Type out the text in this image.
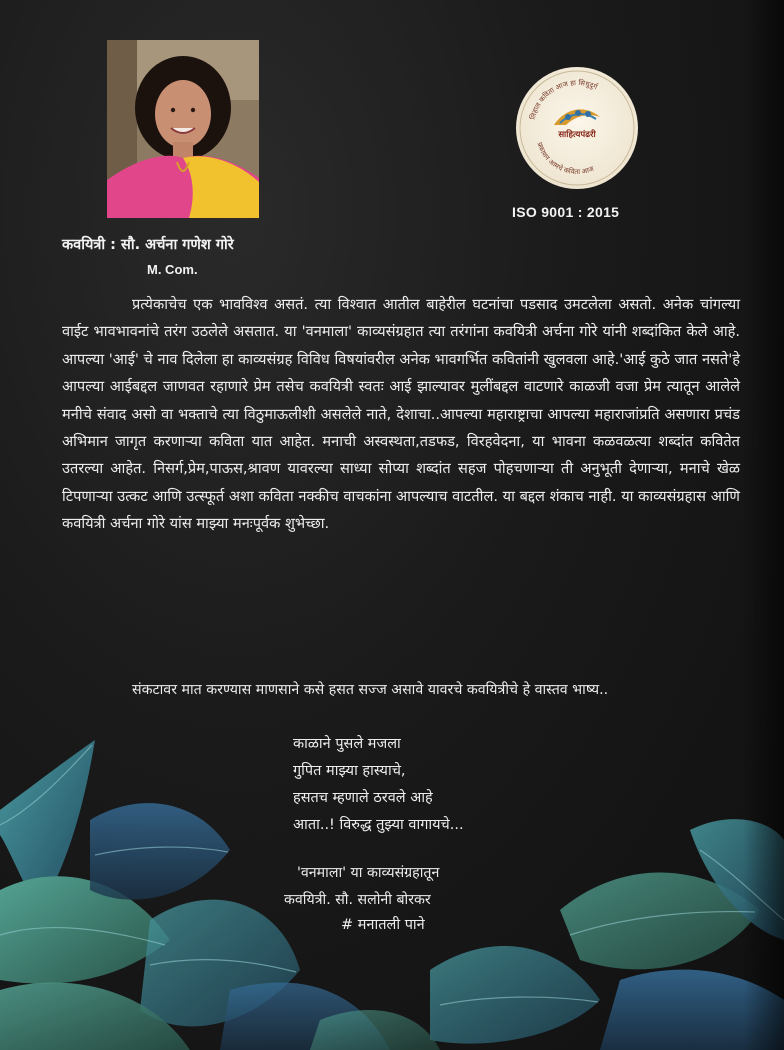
लिहाल कविता आज हा सिधुदुर्ग
प्रकाशन आमचे कविता आज
साहित्यपंढरी
ISO 9001 : 2015
कवयित्री : सौ. अर्चना गणेश गोरे
M. Com.

प्रत्येकाचेच एक भावविश्व असतं. त्या विश्वात आतील बाहेरील घटनांचा पडसाद उमटलेला असतो. अनेक चांगल्या वाईट भावभावनांचे तरंग उठलेले असतात. या 'वनमाला' काव्यसंग्रहात त्या तरंगांना कवयित्री अर्चना गोरे यांनी शब्दांकित केले आहे. आपल्या 'आई' चे नाव दिलेला हा काव्यसंग्रह विविध विषयांवरील अनेक भावगर्भित कवितांनी खुलवला आहे.'आई कुठे जात नसते'हे आपल्या आईबद्दल जाणवत रहाणारे प्रेम तसेच कवयित्री स्वतः आई झाल्यावर मुलींबद्दल वाटणारे काळजी वजा प्रेम त्यातून आलेले मनीचे संवाद असो वा भक्ताचे त्या विठुमाऊलीशी असलेले नाते, देशाचा..आपल्या महाराष्ट्राचा आपल्या महाराजांप्रति असणारा प्रचंड अभिमान जागृत करणाऱ्या कविता यात आहेत. मनाची अस्वस्थता,तडफड, विरहवेदना, या भावना कळवळत्या शब्दांत कवितेत उतरल्या आहेत. निसर्ग,प्रेम,पाऊस,श्रावण यावरल्या साध्या सोप्या शब्दांत सहज पोहचणाऱ्या ती अनुभूती देणाऱ्या, मनाचे खेळ टिपणाऱ्या उत्कट आणि उत्स्फूर्त अशा कविता नक्कीच वाचकांना आपल्याच वाटतील. या बद्दल शंकाच नाही. या काव्यसंग्रहास आणि कवयित्री अर्चना गोरे यांस माझ्या मनःपूर्वक शुभेच्छा.

संकटावर मात करण्यास माणसाने कसे हसत सज्ज असावे यावरचे कवयित्रीचे हे वास्तव भाष्य..

काळाने पुसले मजला
गुपित माझ्या हास्याचे,
हसतच म्हणाले ठरवले आहे
आता..! विरुद्ध तुझ्या वागायचे...
'वनमाला' या काव्यसंग्रहातून
कवयित्री. सौ. सलोनी बोरकर
# मनातली पाने
